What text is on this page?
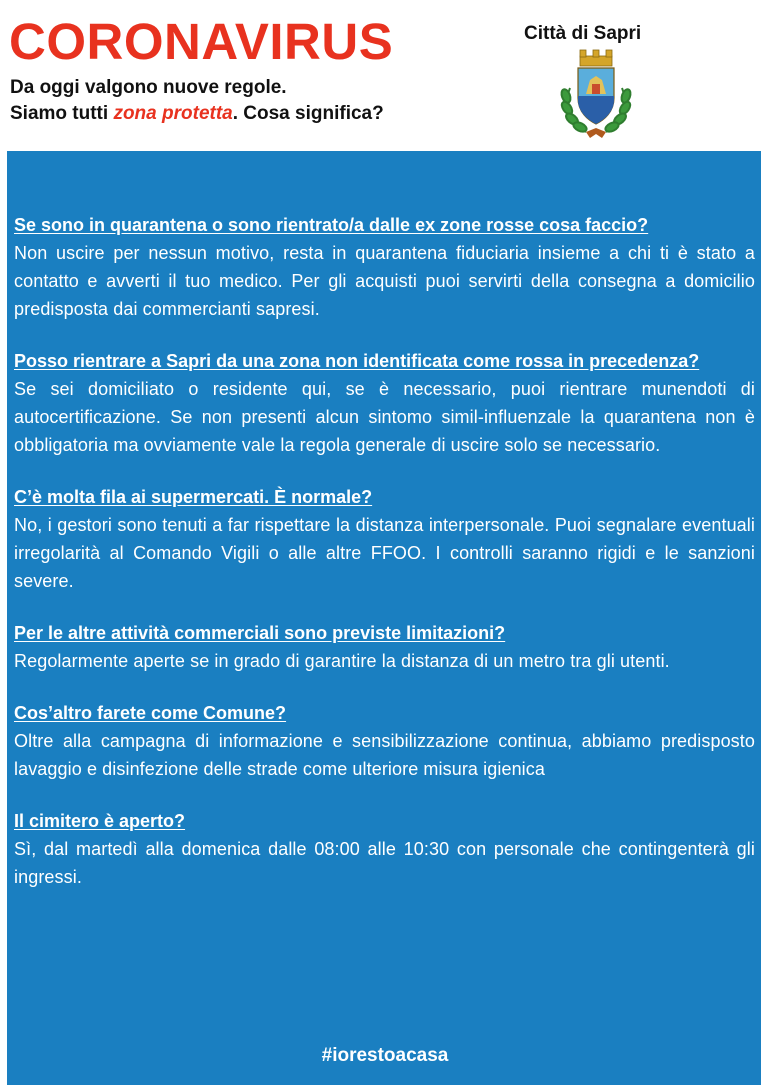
CORONAVIRUS
Da oggi valgono nuove regole.
Siamo tutti zona protetta. Cosa significa?
Città di Sapri
Se sono in quarantena o sono rientrato/a dalle ex zone rosse cosa faccio?
Non uscire per nessun motivo, resta in quarantena fiduciaria insieme a chi ti è stato a contatto e avverti il tuo medico. Per gli acquisti puoi servirti della consegna a domicilio predisposta dai commercianti sapresi.
Posso rientrare a Sapri da una zona non identificata come rossa in precedenza?
Se sei domiciliato o residente qui, se è necessario, puoi rientrare munendoti di autocertificazione. Se non presenti alcun sintomo simil-influenzale la quarantena non è obbligatoria ma ovviamente vale la regola generale di uscire solo se necessario.
C’è molta fila ai supermercati. È normale?
No, i gestori sono tenuti a far rispettare la distanza interpersonale. Puoi segnalare eventuali irregolarità al Comando Vigili o alle altre FFOO. I controlli saranno rigidi e le sanzioni severe.
Per le altre attività commerciali sono previste limitazioni?
Regolarmente aperte se in grado di garantire la distanza di un metro tra gli utenti.
Cos’altro farete come Comune?
Oltre alla campagna di informazione e sensibilizzazione continua, abbiamo predisposto lavaggio e disinfezione delle strade come ulteriore misura igienica
Il cimitero è aperto?
Sì, dal martedì alla domenica dalle 08:00 alle 10:30 con personale che contingenterà gli ingressi.
#iorestoacasa
